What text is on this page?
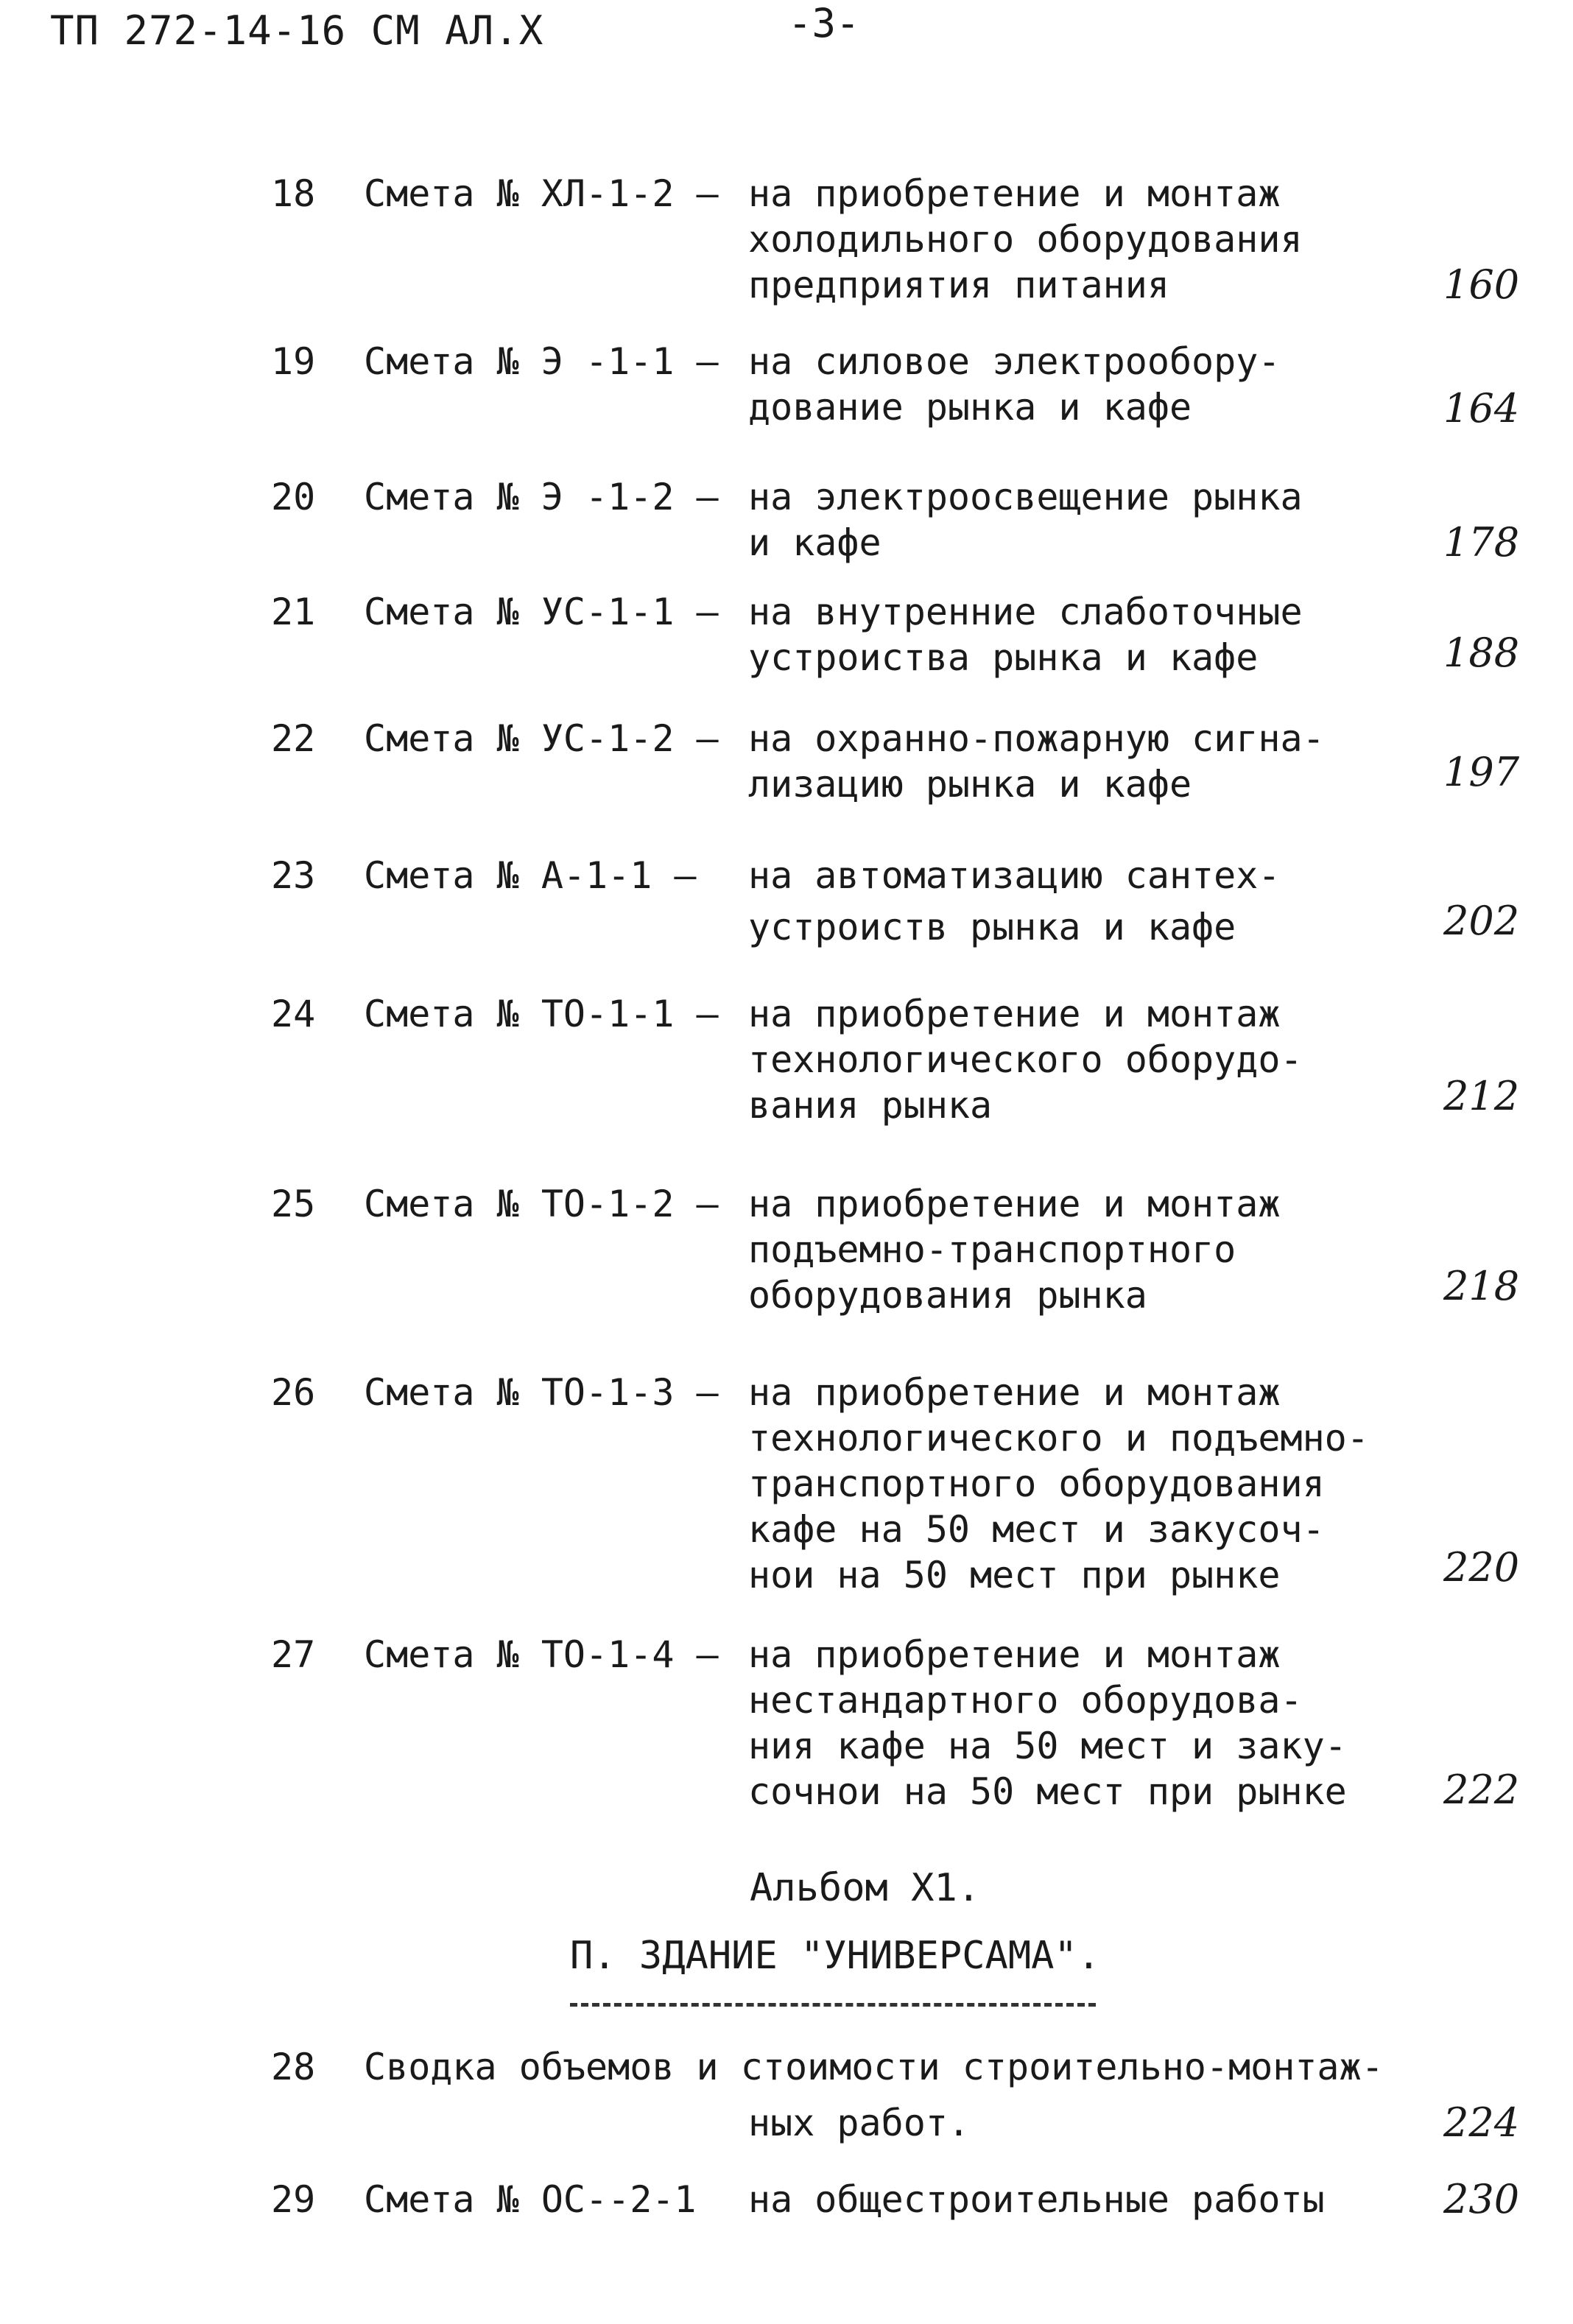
ТП 272-14-16 СМ АЛ.Х	-3-
18 Смета № ХЛ-1-2 – на приобретение и монтаж
холодильного оборудования
предприятия питания	160
19 Смета № Э -1-1 – на силовое электрообору-
дование рынка и кафе	164
20 Смета № Э -1-2 – на электроосвещение рынка
и кафе	178
21 Смета № УС-1-1 – на внутренние слаботочные
устроиства рынка и кафе	188
22 Смета № УС-1-2 – на охранно-пожарную сигна-
лизацию рынка и кафе	197
23 Смета № А-1-1 – на автоматизацию сантех-
устроиств рынка и кафе	202
24 Смета № ТО-1-1 – на приобретение и монтаж
технологического оборудо-
вания рынка	212
25 Смета № ТО-1-2 – на приобретение и монтаж
подъемно-транспортного
оборудования рынка	218
26 Смета № ТО-1-3 – на приобретение и монтаж
технологического и подъемно-
транспортного оборудования
кафе на 50 мест и закусоч-
нои на 50 мест при рынке	220
27 Смета № ТО-1-4 – на приобретение и монтаж
нестандартного оборудова-
ния кафе на 50 мест и заку-
сочнои на 50 мест при рынке 222
Альбом Х1.
П. ЗДАНИЕ "УНИВЕРСАМА".
28 Сводка объемов и стоимости строительно-монтаж-
ных работ.	224
29 Смета № ОС--2-1 на общестроительные работы	230
